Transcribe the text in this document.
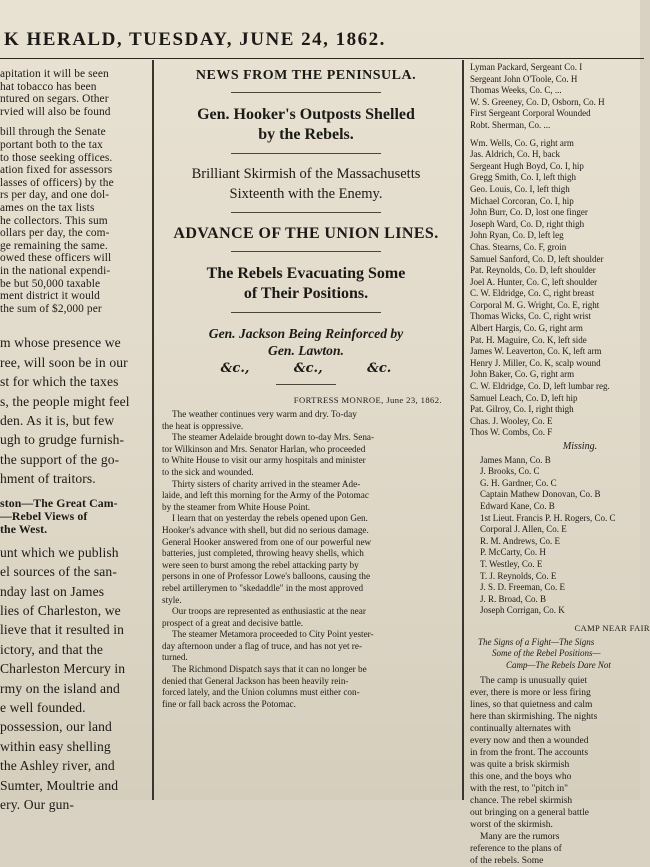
K HERALD, TUESDAY, JUNE 24, 1862.

apitation it will be seen

hat tobacco has been

ntured on segars. Other

rvied will also be found

bill through the Senate

portant both to the tax

to those seeking offices.

ation fixed for assessors

lasses of officers) by the

rs per day, and one dol-

ames on the tax lists

he collectors. This sum

ollars per day, the com-

ge remaining the same.

owed these officers will

in the national expendi-

be but 50,000 taxable

ment district it would

the sum of $2,000 per

m whose presence we

ree, will soon be in our

st for which the taxes

s, the people might feel

den. As it is, but few

ugh to grudge furnish-

the support of the go-

hment of traitors.

ston—The Great Cam-

—Rebel Views of

the West.

unt which we publish

el sources of the san-

nday last on James

lies of Charleston, we

lieve that it resulted in

ictory, and that the

Charleston Mercury in

rmy on the island and

e well founded.

possession, our land

within easy shelling

the Ashley river, and

Sumter, Moultrie and

ery. Our gun-

NEWS FROM THE PENINSULA.
Gen. Hooker's Outposts Shelled
by the Rebels.
Brilliant Skirmish of the Massachusetts
Sixteenth with the Enemy.
ADVANCE OF THE UNION LINES.
The Rebels Evacuating Some
of Their Positions.
Gen. Jackson Being Reinforced by
Gen. Lawton.
&c., &c., &c.
FORTRESS MONROE, June 23, 1862.

The weather continues very warm and dry. To-day

the heat is oppressive.

The steamer Adelaide brought down to-day Mrs. Sena-

tor Wilkinson and Mrs. Senator Harlan, who proceeded

to White House to visit our army hospitals and minister

to the sick and wounded.

Thirty sisters of charity arrived in the steamer Ade-

laide, and left this morning for the Army of the Potomac

by the steamer from White House Point.

I learn that on yesterday the rebels opened upon Gen.

Hooker's advance with shell, but did no serious damage.

General Hooker answered from one of our powerful new

batteries, just completed, throwing heavy shells, which

were seen to burst among the rebel attacking party by

persons in one of Professor Lowe's balloons, causing the

rebel artillerymen to "skedaddle" in the most approved

style.

Our troops are represented as enthusiastic at the near

prospect of a great and decisive battle.

The steamer Metamora proceeded to City Point yester-

day afternoon under a flag of truce, and has not yet re-

turned.

The Richmond Dispatch says that it can no longer be

denied that General Jackson has been heavily rein-

forced lately, and the Union columns must either con-

fine or fall back across the Potomac.

Lyman Packard, Sergeant Co. I

Sergeant John O'Toole, Co. H

Thomas Weeks, Co. C, ...

W. S. Greeney, Co. D, Osborn, Co. H

First Sergeant Corporal Wounded

Robt. Sherman, Co. ...

Wm. Wells, Co. G, right arm

Jas. Aldrich, Co. H, back

Sergeant Hugh Boyd, Co. I, hip

Gregg Smith, Co. I, left thigh

Geo. Louis, Co. I, left thigh

Michael Corcoran, Co. I, hip

John Burr, Co. D, lost one finger

Joseph Ward, Co. D, right thigh

John Ryan, Co. D, left leg

Chas. Stearns, Co. F, groin

Samuel Sanford, Co. D, left shoulder

Pat. Reynolds, Co. D, left shoulder

Joel A. Hunter, Co. C, left shoulder

C. W. Eldridge, Co. C, right breast

Corporal M. G. Wright, Co. E, right

Thomas Wicks, Co. C, right wrist

Albert Hargis, Co. G, right arm

Pat. H. Maguire, Co. K, left side

James W. Leaverton, Co. K, left arm

Henry J. Miller, Co. K, scalp wound

John Baker, Co. G, right arm

C. W. Eldridge, Co. D, left lumbar reg.

Samuel Leach, Co. D, left hip

Pat. Gilroy, Co. I, right thigh

Chas. J. Wooley, Co. E

Thos W. Combs, Co. F

Missing.

James Mann, Co. B

J. Brooks, Co. C

G. H. Gardner, Co. C

Captain Mathew Donovan, Co. B

Edward Kane, Co. B

1st Lieut. Francis P. H. Rogers, Co. C

Corporal J. Allen, Co. E

R. M. Andrews, Co. E

P. McCarty, Co. H

T. Westley, Co. E

T. J. Reynolds, Co. E

J. S. D. Freeman, Co. E

J. R. Broad, Co. B

Joseph Corrigan, Co. K

CAMP NEAR FAIR

The Signs of a Fight—The Signs

Some of the Rebel Positions—

Camp—The Rebels Dare Not

The camp is unusually quiet

ever, there is more or less firing

lines, so that quietness and calm

here than skirmishing. The nights

continually alternates with

every now and then a wounded

in from the front. The accounts

was quite a brisk skirmish

this one, and the boys who

with the rest, to "pitch in"

chance. The rebel skirmish

out bringing on a general battle

worst of the skirmish.

Many are the rumors

reference to the plans of

of the rebels. Some
